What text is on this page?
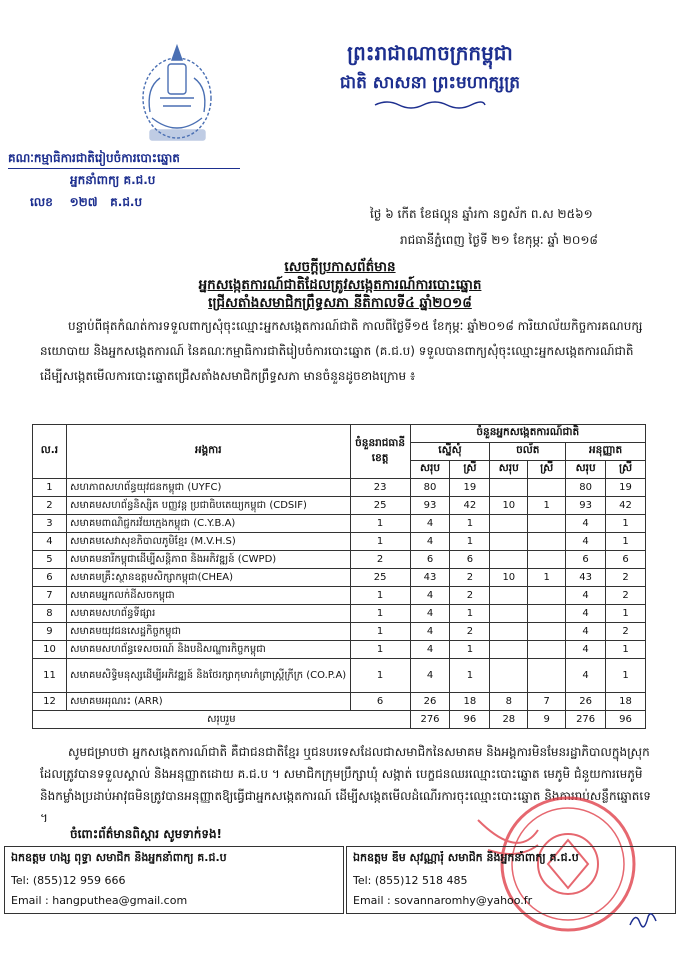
ព្រះរាជាណាចក្រកម្ពុជា
ជាតិ សាសនា ព្រះមហាក្សត្រ
គណៈកម្មាធិការជាតិរៀបចំការបោះឆ្នោត
អ្នកនាំពាក្យ គ.ជ.ប
លេខ ១២៧ គ.ជ.ប
ថ្ងៃ ៦ កើត ខែផល្គុន ឆ្នាំរកា នព្វស័ក ព.ស ២៥៦១
រាជធានីភ្នំពេញ ថ្ងៃទី ២១ ខែកុម្ភៈ ឆ្នាំ ២០១៨
សេចក្តីប្រកាសព័ត៌មាន
អ្នកសង្កេតការណ៍ជាតិដែលត្រូវសង្កេតការណ៍ការបោះឆ្នោត
ជ្រើសតាំងសមាជិកព្រឹទ្ធសភា នីតិកាលទី៤ ឆ្នាំ២០១៨
បន្ទាប់ពីផុតកំណត់ការទទួលពាក្យសុំចុះឈ្មោះអ្នកសង្កេតការណ៍ជាតិ កាលពីថ្ងៃទី១៥ ខែកុម្ភៈ ឆ្នាំ២០១៨ ការិយាល័យកិច្ចការគណបក្សនយោបាយ និងអ្នកសង្កេតការណ៍ នៃគណៈកម្មាធិការជាតិរៀបចំការបោះឆ្នោត (គ.ជ.ប) ទទួលបានពាក្យសុំចុះឈ្មោះអ្នកសង្កេតការណ៍ជាតិ ដើម្បីសង្កេតមើលការបោះឆ្នោតជ្រើសតាំងសមាជិកព្រឹទ្ធសភា មានចំនួនដូចខាងក្រោម ៖
ល.រ	អង្គការ	ចំនួនរាជធានីខេត្ត	ចំនួនអ្នកសង្កេតការណ៍ជាតិ					
			ស្នើសុំ		ចល័ត		អនុញ្ញាត	
			សរុប	ស្រី	សរុប	ស្រី	សរុប	ស្រី
1	សហភាពសហព័ន្ធយុវជនកម្ពុជា (UYFC)	23	80	19			80	19
2	សមាគមសហព័ន្ធនិស្សិត បញ្ញវន្ត ប្រជាធិបតេយ្យកម្ពុជា (CDSIF)	25	93	42	10	1	93	42
3	សមាគមពាណិជ្ជករវ័យក្មេងកម្ពុជា (C.Y.B.A)	1	4	1			4	1
4	សមាគមសេវាសុខភិបាលភូមិខ្មែរ (M.V.H.S)	1	4	1			4	1
5	សមាគមនារីកម្ពុជាដើម្បីសន្តិភាព និងអភិវឌ្ឍន៍ (CWPD)	2	6	6			6	6
6	សមាគមគ្រឹះស្ថានឧត្តមសិក្សាកម្ពុជា(CHEA)	25	43	2	10	1	43	2
7	សមាគមអ្នកលក់ដីសចកម្ពុជា	1	4	2			4	2
8	សមាគមសហព័ន្ធទីផ្សារ	1	4	1			4	1
9	សមាគមយុវជនសេដ្ឋកិច្ចកម្ពុជា	1	4	2			4	2
10	សមាគមសហព័ន្ធទេសចរណ៍ និងបដិសណ្ឋារកិច្ចកម្ពុជា	1	4	1			4	1
11	សមាគមសិទ្ធិមនុស្សដើម្បីអភិវឌ្ឍន៍ និងថែរក្សាកុមារកំព្រាស្ត្រីក្រីក្រ (CO.P.A)	1	4	1			4	1
12	សមាគមអរុណរះ (ARR)	6	26	18	8	7	26	18
សរុបរួម			276	96	28	9	276	96
សូមជម្រាបថា អ្នកសង្កេតការណ៍ជាតិ គឺជាជនជាតិខ្មែរ ឬជនបរទេសដែលជាសមាជិកនៃសមាគម និងអង្គការមិនមែនរដ្ឋាភិបាលក្នុងស្រុក ដែលត្រូវបានទទួលស្គាល់ និងអនុញ្ញាតដោយ គ.ជ.ប ។ សមាជិកក្រុមប្រឹក្សាឃុំ សង្កាត់ បេក្ខជនឈរឈ្មោះបោះឆ្នោត មេភូមិ ជំនួយការមេភូមិ និងកម្លាំងប្រដាប់អាវុធមិនត្រូវបានអនុញ្ញាតឱ្យធ្វើជាអ្នកសង្កេតការណ៍ ដើម្បីសង្កេតមើលដំណើរការចុះឈ្មោះបោះឆ្នោត និងការរាប់សន្លឹកឆ្នោតទេ ។
ចំពោះព័ត៌មានពិស្តារ សូមទាក់ទង!
ឯកឧត្តម ហង្ស ពុទ្ធា សមាជិក និងអ្នកនាំពាក្យ គ.ជ.ប
Tel: (855)12 959 666
Email : hangputhea@gmail.com
ឯកឧត្តម ឌឹម សុវណ្ណារុំ សមាជិក និងអ្នកនាំពាក្យ គ.ជ.ប
Tel: (855)12 518 485
Email : sovannaromhy@yahoo.fr
